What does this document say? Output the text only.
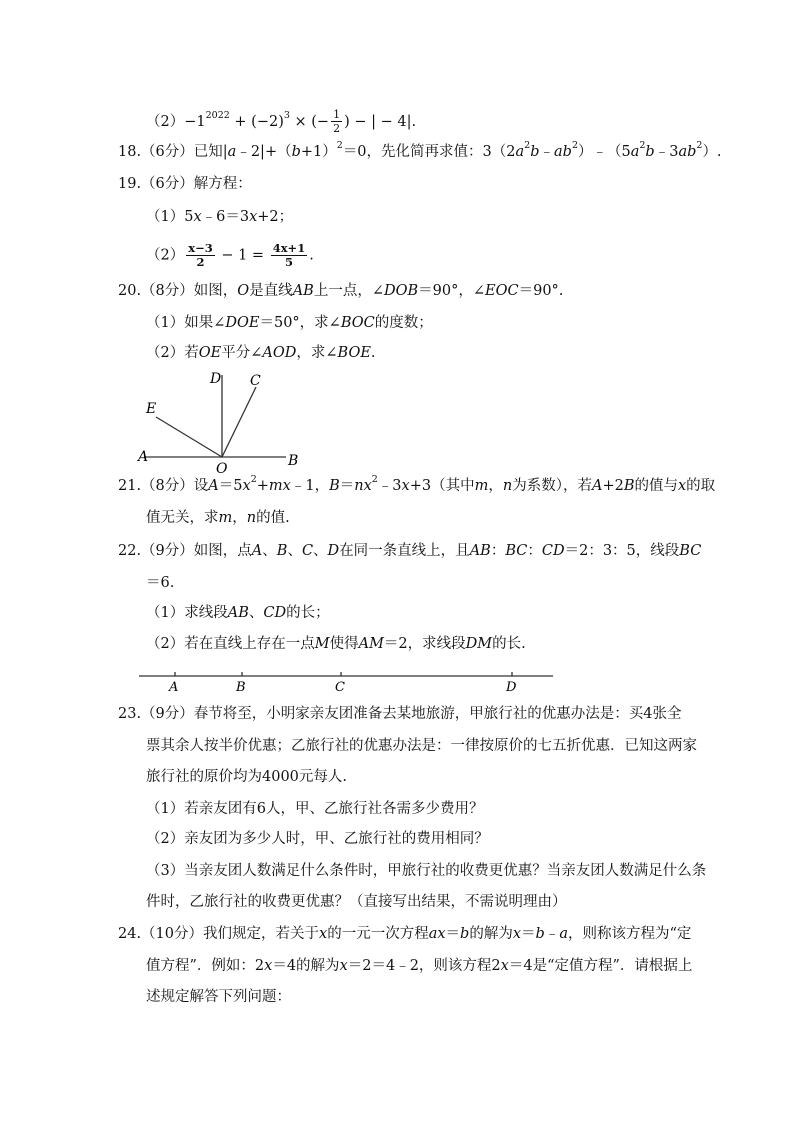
$(2)-1^{2022} + (-2)^3$ × (− $\frac{1}{2}$ ) − | − 4|.
18.（6分）已知$|a﹣2|+(b+1)^2=0$，先化简再求值：$3(2a^2b﹣ab^2)﹣(5a^2b﹣3ab^2)$.
19.（6分）解方程：
（1）5x﹣6＝3x+2；
$(2) \frac{x-3}{2} - 1 = \frac{4x+1}{5}$ .
20.（8分）如图，O是直线AB上一点，∠DOB＝90°，∠EOC＝90°.
（1）如果∠DOE＝50°，求∠BOC的度数；
（2）若OE平分∠AOD，求∠BOE.
D C
E
A
O	B
21.（8分）设$A=5x^2+mx﹣1$，$B=nx^2﹣3x+3$（其中m，n为系数），若A+2B的值与x的取
值无关，求m，n的值.
22.（9分）如图，点A、B、C、D在同一条直线上，且AB：BC：CD＝2：3：5，线段BC
＝6.
（1）求线段AB、CD的长；
（2）若在直线上存在一点M使得AM＝2，求线段DM的长.
A	B	C	D
23.（9分）春节将至，小明家亲友团准备去某地旅游，甲旅行社的优惠办法是：买4张全
票其余人按半价优惠；乙旅行社的优惠办法是：一律按原价的七五折优惠．已知这两家
旅行社的原价均为4000元每人.
（1）若亲友团有6人，甲、乙旅行社各需多少费用？
（2）亲友团为多少人时，甲、乙旅行社的费用相同？
（3）当亲友团人数满足什么条件时，甲旅行社的收费更优惠？当亲友团人数满足什么条
件时，乙旅行社的收费更优惠？（直接写出结果，不需说明理由）
24.（10分）我们规定，若关于x的一元一次方程ax＝b的解为x＝b﹣a，则称该方程为“定
值方程”．例如：2x＝4的解为x＝2＝4﹣2，则该方程2x＝4是“定值方程”．请根据上
述规定解答下列问题：
